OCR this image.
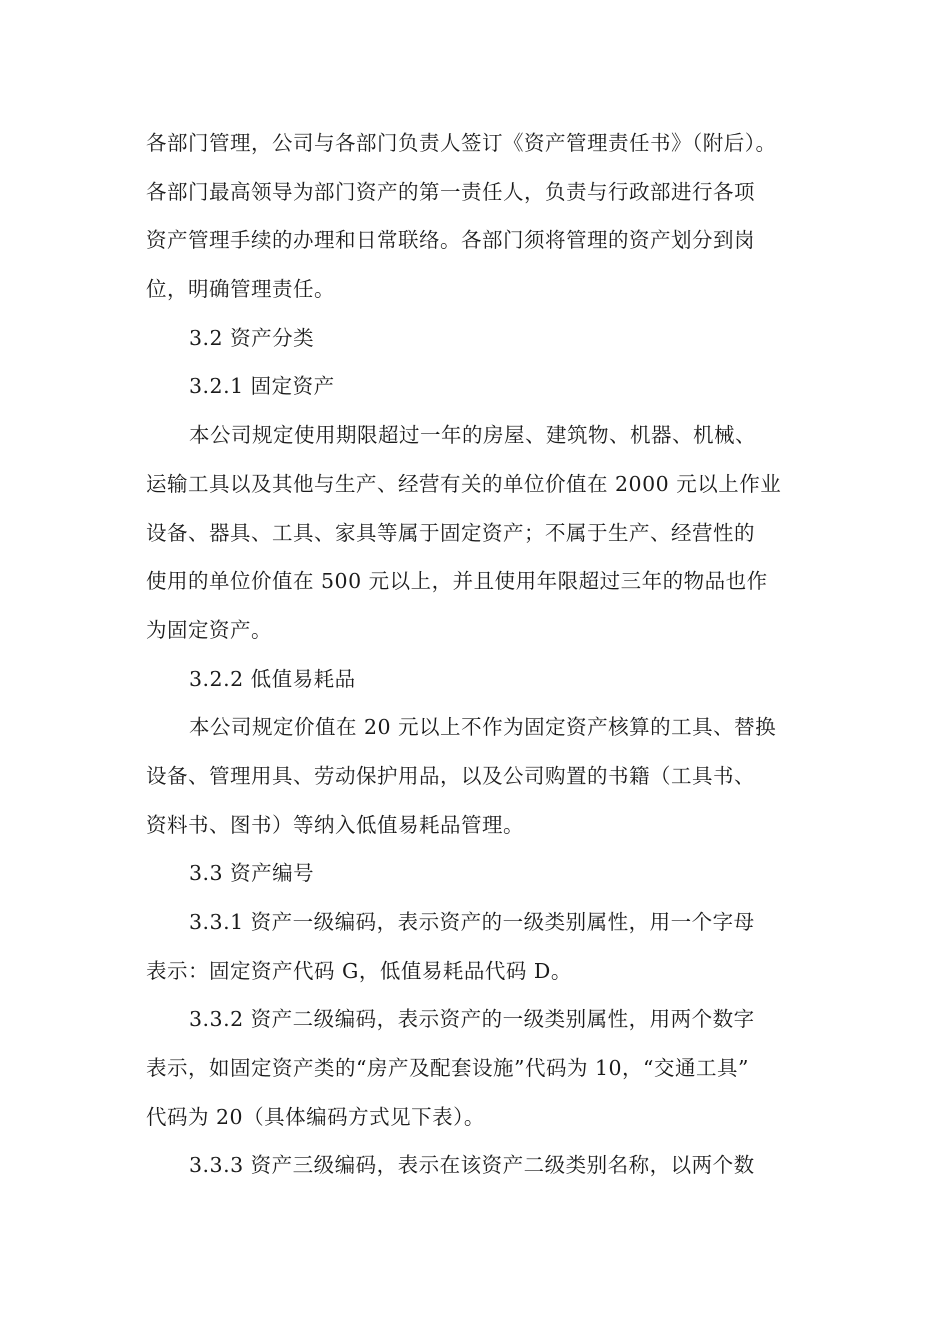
各部门管理，公司与各部门负责人签订《资产管理责任书》（附后）。
各部门最高领导为部门资产的第一责任人，负责与行政部进行各项
资产管理手续的办理和日常联络。各部门须将管理的资产划分到岗
位，明确管理责任。
3.2 资产分类
3.2.1 固定资产
本公司规定使用期限超过一年的房屋、建筑物、机器、机械、
运输工具以及其他与生产、经营有关的单位价值在 2000 元以上作业
设备、器具、工具、家具等属于固定资产；不属于生产、经营性的
使用的单位价值在 500 元以上，并且使用年限超过三年的物品也作
为固定资产。
3.2.2 低值易耗品
本公司规定价值在 20 元以上不作为固定资产核算的工具、替换
设备、管理用具、劳动保护用品，以及公司购置的书籍（工具书、
资料书、图书）等纳入低值易耗品管理。
3.3 资产编号
3.3.1 资产一级编码，表示资产的一级类别属性，用一个字母
表示：固定资产代码 G，低值易耗品代码 D。
3.3.2 资产二级编码，表示资产的一级类别属性，用两个数字
表示，如固定资产类的“房产及配套设施”代码为 10，“交通工具”
代码为 20（具体编码方式见下表）。
3.3.3 资产三级编码，表示在该资产二级类别名称，以两个数
